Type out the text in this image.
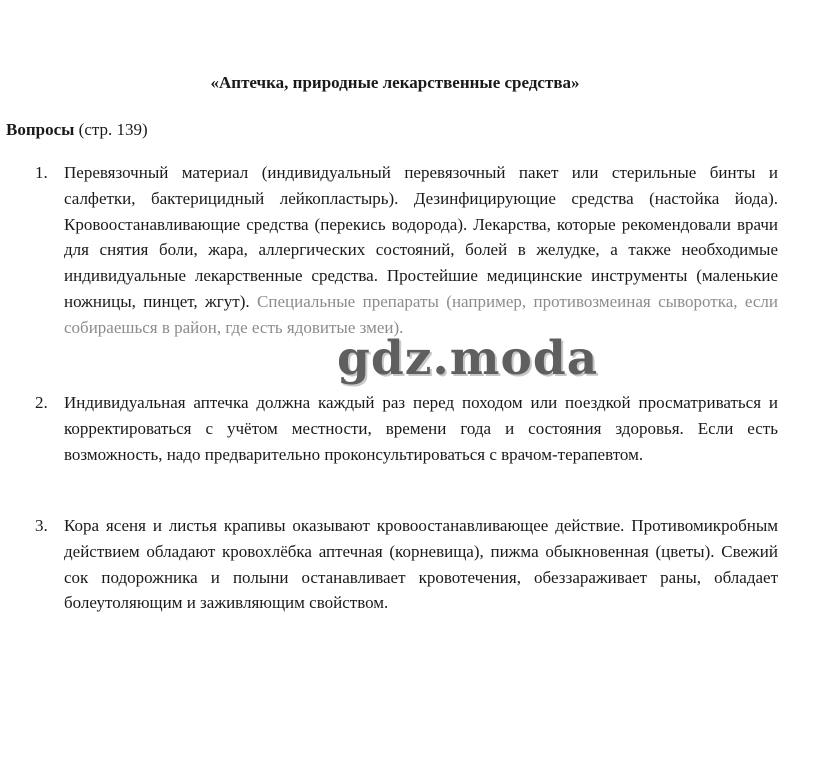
«Аптечка, природные лекарственные средства»
Вопросы (стр. 139)
1. Перевязочный материал (индивидуальный перевязочный пакет или стерильные бинты и салфетки, бактерицидный лейкопластырь). Дезинфицирующие средства (настойка йода). Кровоостанавливающие средства (перекись водорода). Лекарства, которые рекомендовали врачи для снятия боли, жара, аллергических состояний, болей в желудке, а также необходимые индивидуальные лекарственные средства. Простейшие медицинские инструменты (маленькие ножницы, пинцет, жгут). Специальные препараты (например, противозмеиная сыворотка, если собираешься в район, где есть ядовитые змеи).
2. Индивидуальная аптечка должна каждый раз перед походом или поездкой просматриваться и корректироваться с учётом местности, времени года и состояния здоровья. Если есть возможность, надо предварительно проконсультироваться с врачом-терапевтом.
3. Кора ясеня и листья крапивы оказывают кровоостанавливающее действие. Противомикробным действием обладают кровохлёбка аптечная (корневища), пижма обыкновенная (цветы). Свежий сок подорожника и полыни останавливает кровотечения, обеззараживает раны, обладает болеутоляющим и заживляющим свойством.
gdz.moda
